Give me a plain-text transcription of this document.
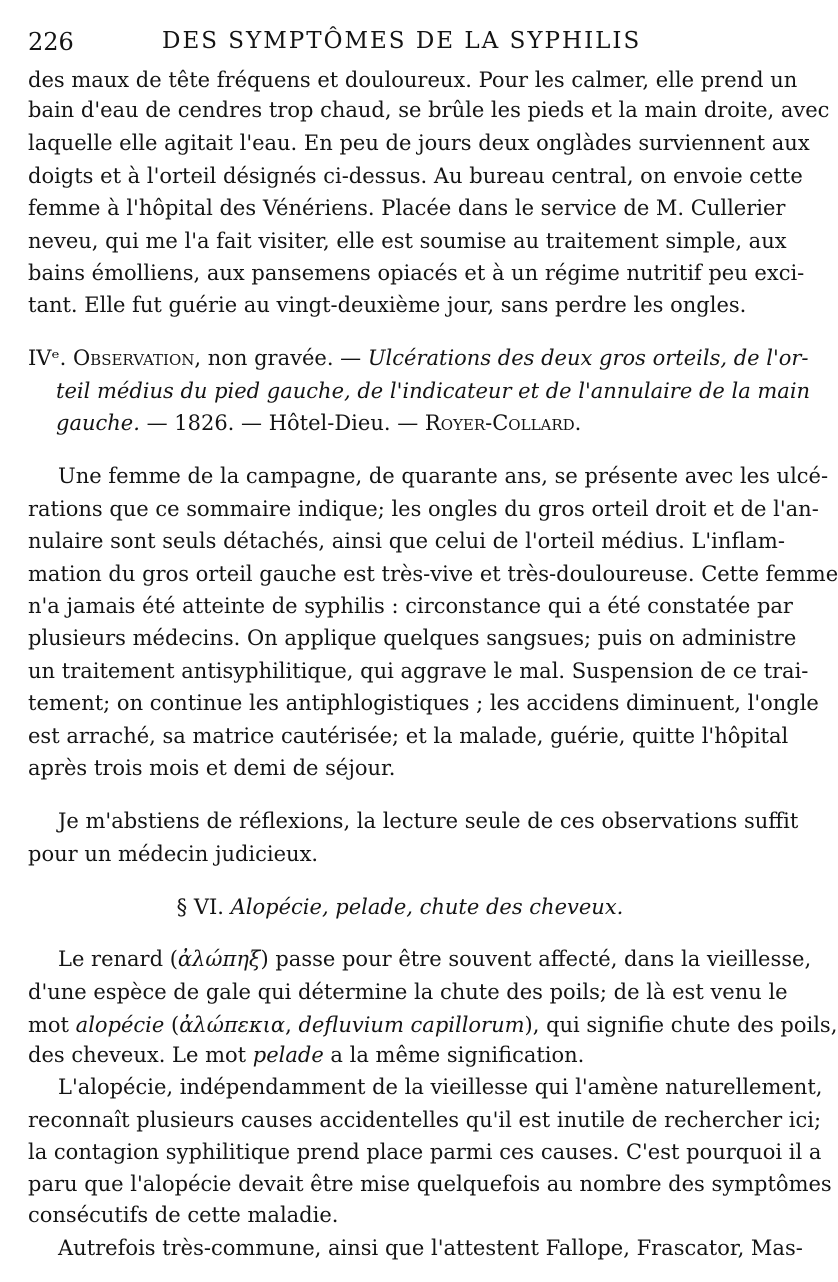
226	DES SYMPTÔMES DE LA SYPHILIS
des maux de tête fréquens et douloureux. Pour les calmer, elle prend un
bain d'eau de cendres trop chaud, se brûle les pieds et la main droite, avec
laquelle elle agitait l'eau. En peu de jours deux onglàdes surviennent aux
doigts et à l'orteil désignés ci-dessus. Au bureau central, on envoie cette
femme à l'hôpital des Vénériens. Placée dans le service de M. Cullerier
neveu, qui me l'a fait visiter, elle est soumise au traitement simple, aux
bains émolliens, aux pansemens opiacés et à un régime nutritif peu exci-
tant. Elle fut guérie au vingt-deuxième jour, sans perdre les ongles.
IVᵉ. Observation, non gravée. — Ulcérations des deux gros orteils, de l'or-
teil médius du pied gauche, de l'indicateur et de l'annulaire de la main
gauche. — 1826. — Hôtel-Dieu. — Royer-Collard.
Une femme de la campagne, de quarante ans, se présente avec les ulcé-
rations que ce sommaire indique; les ongles du gros orteil droit et de l'an-
nulaire sont seuls détachés, ainsi que celui de l'orteil médius. L'inflam-
mation du gros orteil gauche est très-vive et très-douloureuse. Cette femme
n'a jamais été atteinte de syphilis : circonstance qui a été constatée par
plusieurs médecins. On applique quelques sangsues; puis on administre
un traitement antisyphilitique, qui aggrave le mal. Suspension de ce trai-
tement; on continue les antiphlogistiques ; les accidens diminuent, l'ongle
est arraché, sa matrice cautérisée; et la malade, guérie, quitte l'hôpital
après trois mois et demi de séjour.
Je m'abstiens de réflexions, la lecture seule de ces observations suffit
pour un médecin judicieux.
§ VI. Alopécie, pelade, chute des cheveux.
Le renard (ἀλώπηξ) passe pour être souvent affecté, dans la vieillesse,
d'une espèce de gale qui détermine la chute des poils; de là est venu le
mot alopécie (ἀλώπεκια, defluvium capillorum), qui signifie chute des poils,
des cheveux. Le mot pelade a la même signification.
L'alopécie, indépendamment de la vieillesse qui l'amène naturellement,
reconnaît plusieurs causes accidentelles qu'il est inutile de rechercher ici;
la contagion syphilitique prend place parmi ces causes. C'est pourquoi il a
paru que l'alopécie devait être mise quelquefois au nombre des symptômes
consécutifs de cette maladie.
Autrefois très-commune, ainsi que l'attestent Fallope, Frascator, Mas-
